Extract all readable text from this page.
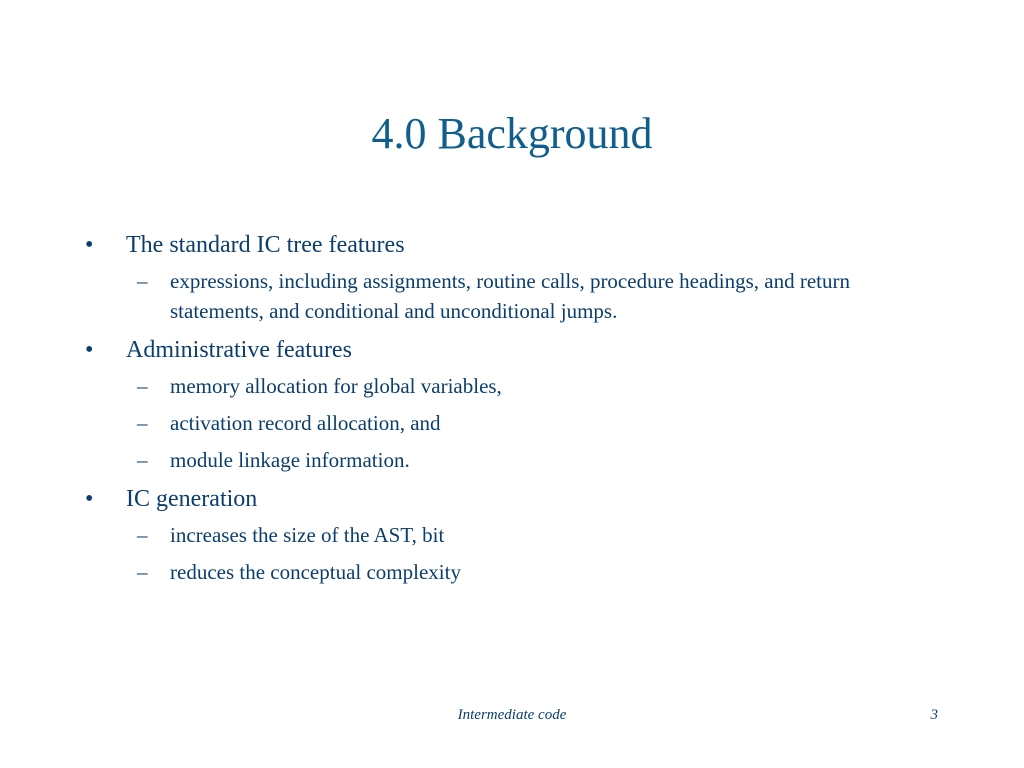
4.0 Background
•	The standard IC tree features
–	expressions, including assignments, routine calls, procedure headings, and return statements, and conditional and unconditional jumps.
•	Administrative features
–	memory allocation for global variables,
–	activation record allocation, and
–	module linkage information.
•	IC generation
–	increases the size of the AST, bit
–	reduces the conceptual complexity
Intermediate code	3
